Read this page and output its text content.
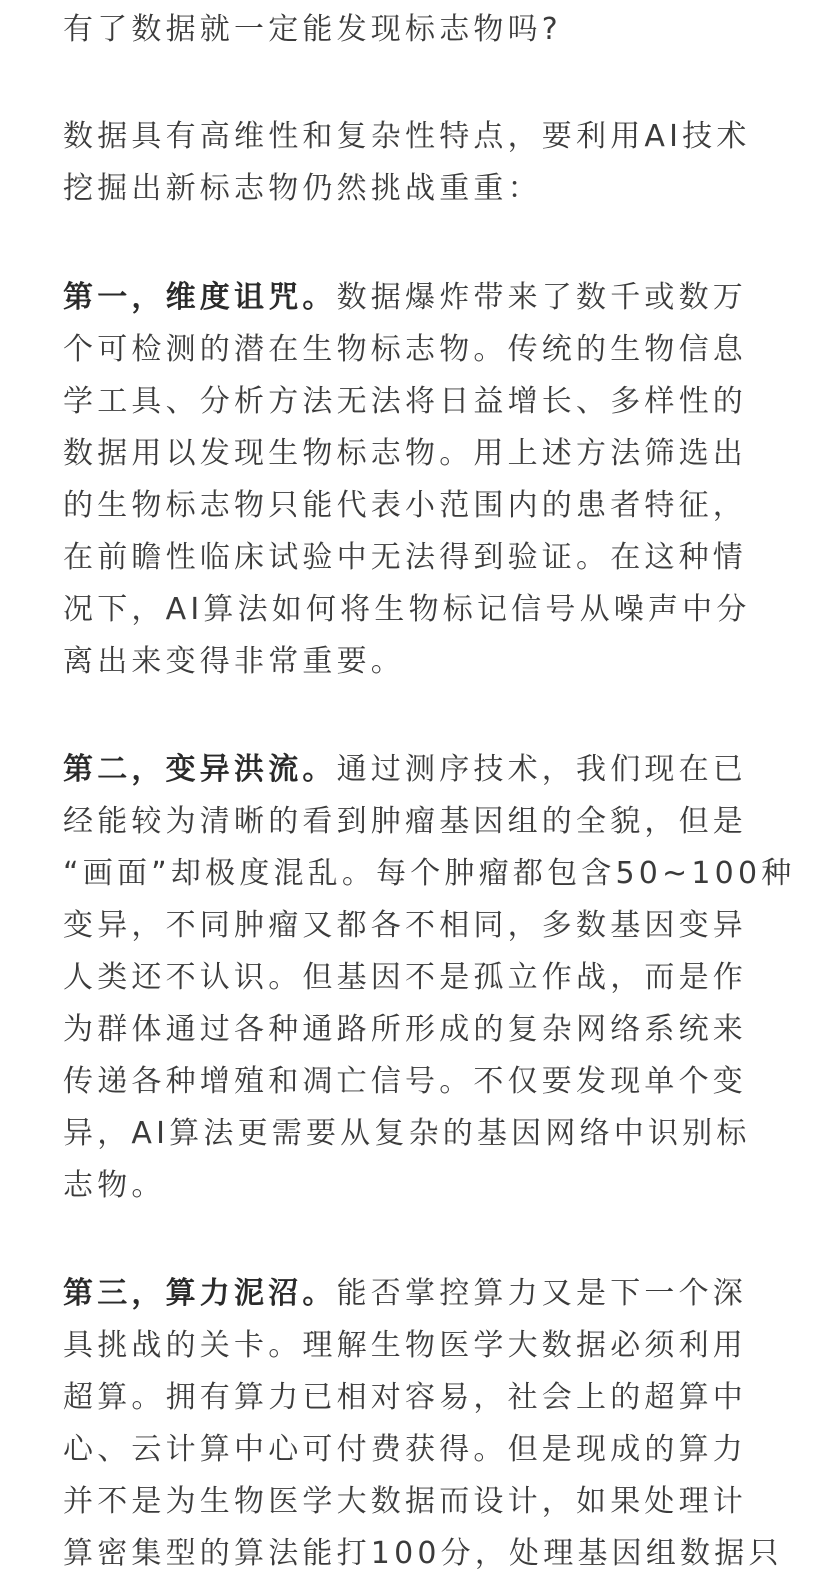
有了数据就一定能发现标志物吗?
数据具有高维性和复杂性特点，要利用AI技术
挖掘出新标志物仍然挑战重重：
第一，维度诅咒。数据爆炸带来了数千或数万
个可检测的潜在生物标志物。传统的生物信息
学工具、分析方法无法将日益增长、多样性的
数据用以发现生物标志物。用上述方法筛选出
的生物标志物只能代表小范围内的患者特征，
在前瞻性临床试验中无法得到验证。在这种情
况下，AI算法如何将生物标记信号从噪声中分
离出来变得非常重要。
第二，变异洪流。通过测序技术，我们现在已
经能较为清晰的看到肿瘤基因组的全貌，但是
“画面”却极度混乱。每个肿瘤都包含50~100种
变异，不同肿瘤又都各不相同，多数基因变异
人类还不认识。但基因不是孤立作战，而是作
为群体通过各种通路所形成的复杂网络系统来
传递各种增殖和凋亡信号。不仅要发现单个变
异，AI算法更需要从复杂的基因网络中识别标
志物。
第三，算力泥沼。能否掌控算力又是下一个深
具挑战的关卡。理解生物医学大数据必须利用
超算。拥有算力已相对容易，社会上的超算中
心、云计算中心可付费获得。但是现成的算力
并不是为生物医学大数据而设计，如果处理计
算密集型的算法能打100分，处理基因组数据只
